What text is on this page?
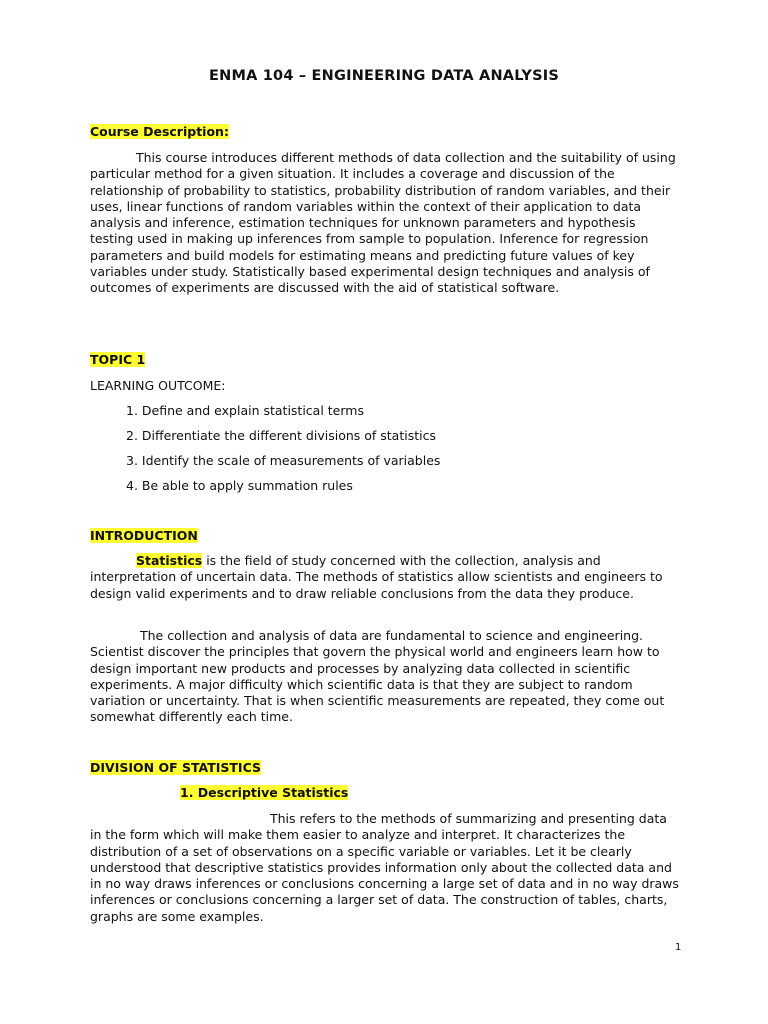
ENMA 104 – ENGINEERING DATA ANALYSIS
Course Description:
This course introduces different methods of data collection and the suitability of using particular method for a given situation. It includes a coverage and discussion of the relationship of probability to statistics, probability distribution of random variables, and their uses, linear functions of random variables within the context of their application to data analysis and inference, estimation techniques for unknown parameters and hypothesis testing used in making up inferences from sample to population. Inference for regression parameters and build models for estimating means and predicting future values of key variables under study. Statistically based experimental design techniques and analysis of outcomes of experiments are discussed with the aid of statistical software.
TOPIC 1
LEARNING OUTCOME:
1. Define and explain statistical terms
2. Differentiate the different divisions of statistics
3. Identify the scale of measurements of variables
4. Be able to apply summation rules
INTRODUCTION
Statistics is the field of study concerned with the collection, analysis and interpretation of uncertain data. The methods of statistics allow scientists and engineers to design valid experiments and to draw reliable conclusions from the data they produce.
The collection and analysis of data are fundamental to science and engineering. Scientist discover the principles that govern the physical world and engineers learn how to design important new products and processes by analyzing data collected in scientific experiments. A major difficulty which scientific data is that they are subject to random variation or uncertainty. That is when scientific measurements are repeated, they come out somewhat differently each time.
DIVISION OF STATISTICS
1. Descriptive Statistics
This refers to the methods of summarizing and presenting data in the form which will make them easier to analyze and interpret. It characterizes the distribution of a set of observations on a specific variable or variables. Let it be clearly understood that descriptive statistics provides information only about the collected data and in no way draws inferences or conclusions concerning a large set of data and in no way draws inferences or conclusions concerning a larger set of data. The construction of tables, charts, graphs are some examples.
1
